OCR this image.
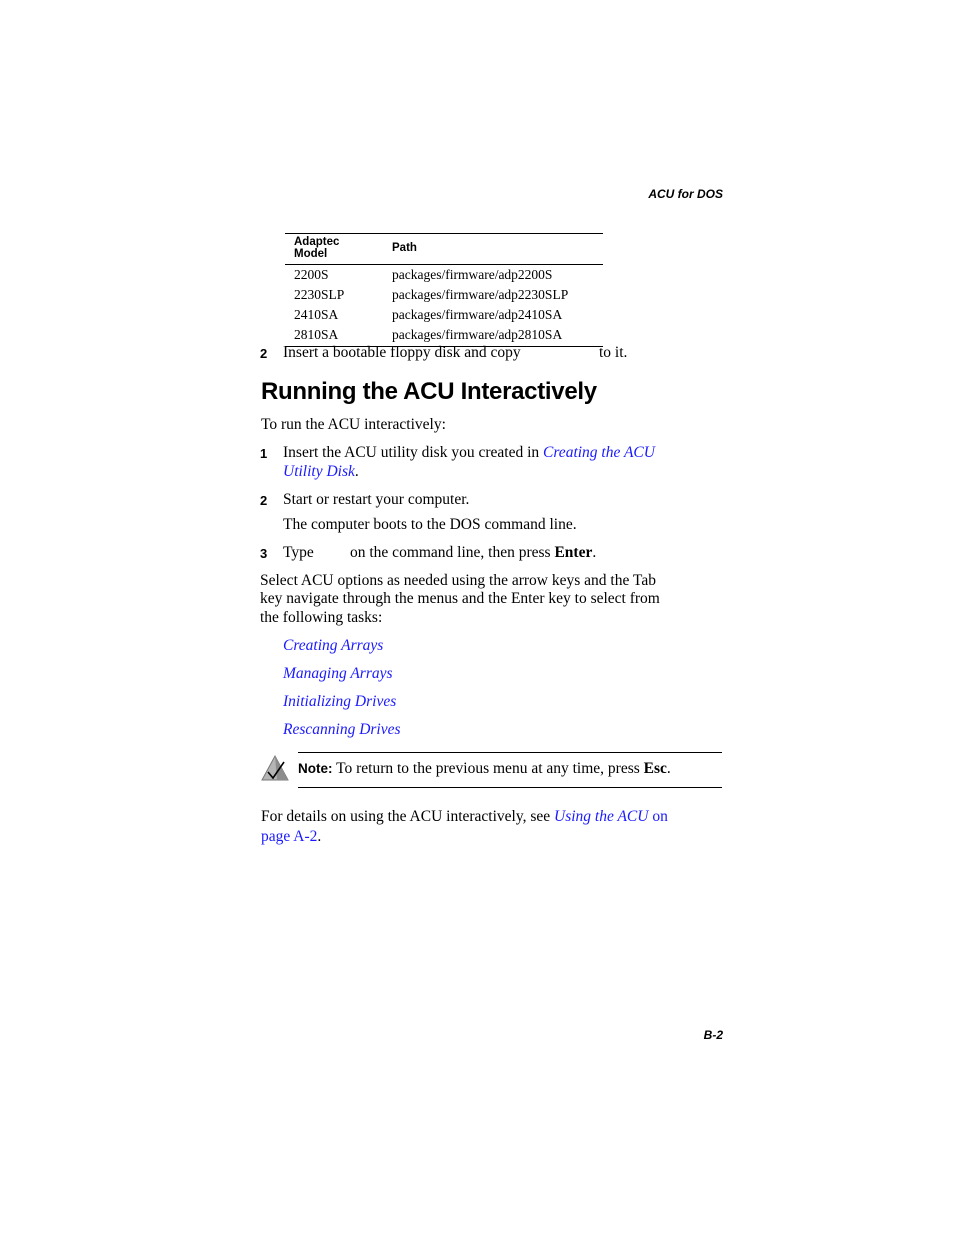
ACU for DOS
Adaptec Model	Path
2200S	packages/firmware/adp2200S
2230SLP	packages/firmware/adp2230SLP
2410SA	packages/firmware/adp2410SA
2810SA	packages/firmware/adp2810SA
2 Insert a bootable floppy disk and copy	to it.
Running the ACU Interactively
To run the ACU interactively:
1 Insert the ACU utility disk you created in Creating the ACU
Utility Disk.
2 Start or restart your computer.
The computer boots to the DOS command line.
3 Type on the command line, then press Enter.
Select ACU options as needed using the arrow keys and the Tab
key navigate through the menus and the Enter key to select from
the following tasks:
Creating Arrays
Managing Arrays
Initializing Drives
Rescanning Drives
Note: To return to the previous menu at any time, press Esc.
For details on using the ACU interactively, see Using the ACU on
page A-2.
B-2
